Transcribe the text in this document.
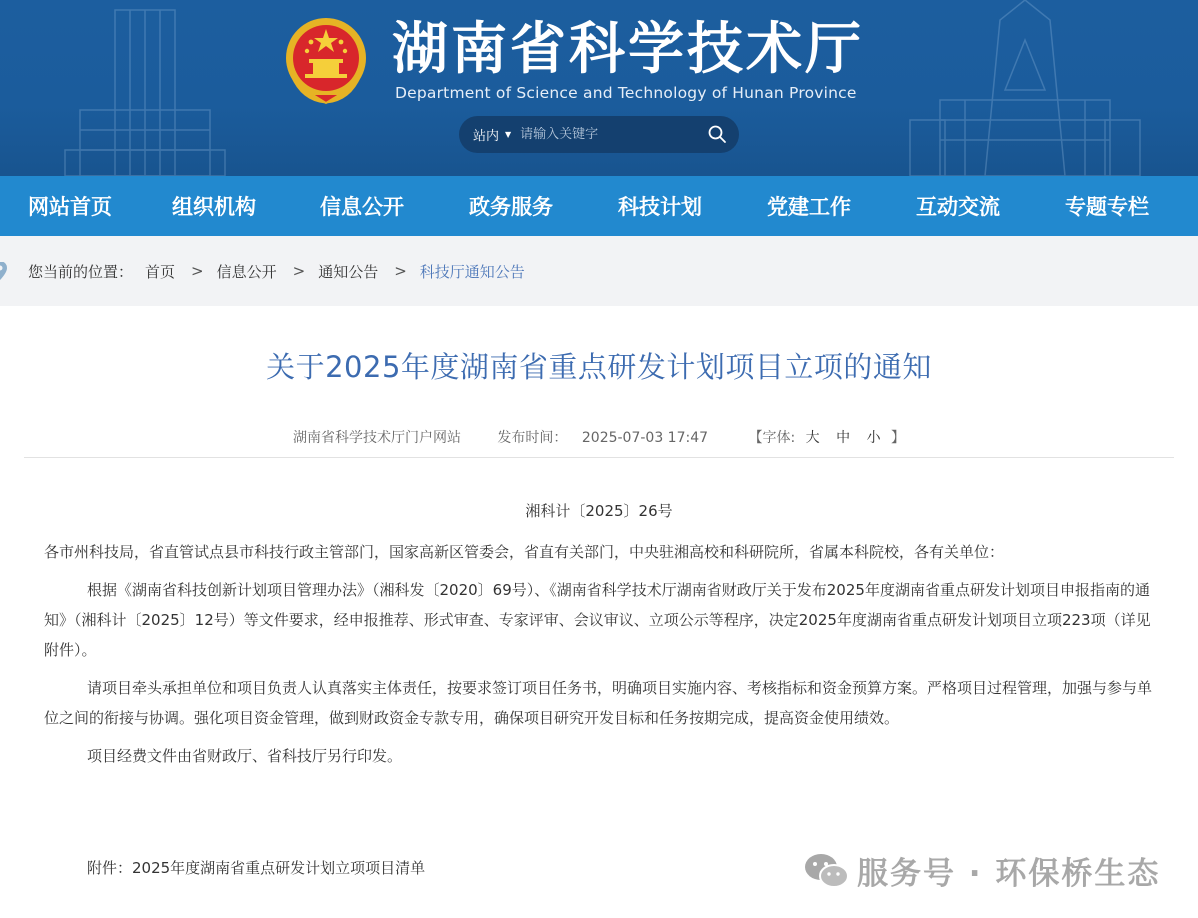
湖南省科学技术厅
Department of Science and Technology of Hunan Province
站内 ▼
请输入关键字
网站首页	组织机构	信息公开	政务服务	科技计划	党建工作	互动交流	专题专栏
您当前的位置： 首页 > 信息公开 > 通知公告 > 科技厅通知公告
关于2025年度湖南省重点研发计划项目立项的通知
湖南省科学技术厅门户网站	发布时间： 2025-07-03 17:47	【字体: 大 中 小 】
湘科计〔2025〕26号

各市州科技局，省直管试点县市科技行政主管部门，国家高新区管委会，省直有关部门，中央驻湘高校和科研院所，省属本科院校，各有关单位：

根据《湖南省科技创新计划项目管理办法》（湘科发〔2020〕69号）、《湖南省科学技术厅湖南省财政厅关于发布2025年度湖南省重点研发计划项目申报指南的通知》（湘科计〔2025〕12号）等文件要求，经申报推荐、形式审查、专家评审、会议审议、立项公示等程序，决定2025年度湖南省重点研发计划项目立项223项（详见附件）。

请项目牵头承担单位和项目负责人认真落实主体责任，按要求签订项目任务书，明确项目实施内容、考核指标和资金预算方案。严格项目过程管理，加强与参与单位之间的衔接与协调。强化项目资金管理，做到财政资金专款专用，确保项目研究开发目标和任务按期完成，提高资金使用绩效。

项目经费文件由省财政厅、省科技厅另行印发。

附件：2025年度湖南省重点研发计划立项项目清单	服务号 · 环保桥生态
